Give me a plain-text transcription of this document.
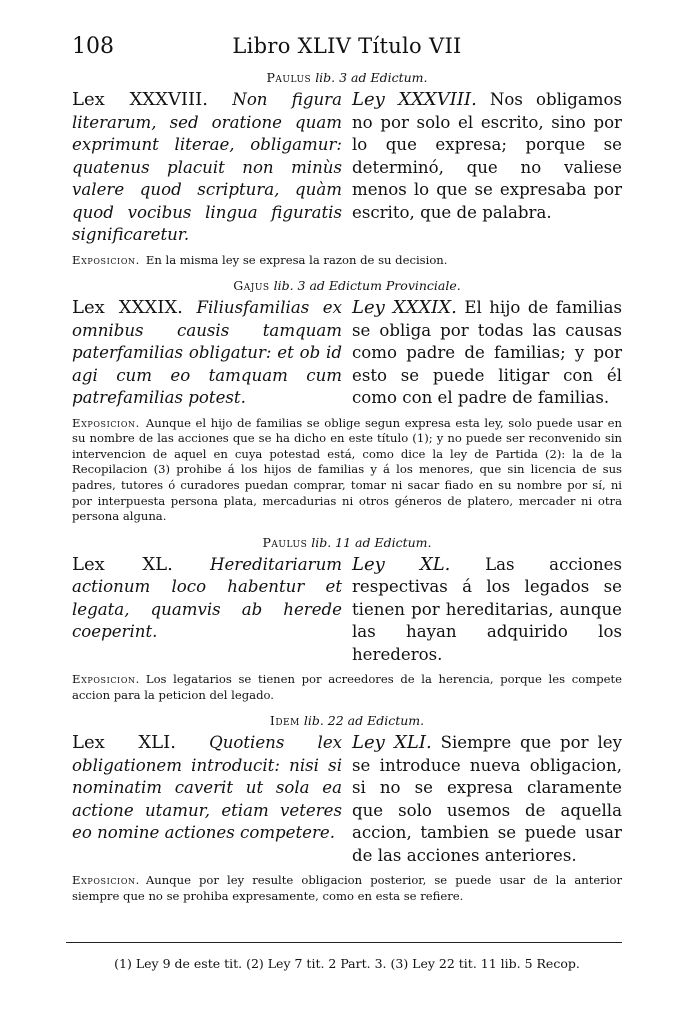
108	Libro XLIV Título VII
Paulus lib. 3 ad Edictum.
Lex XXXVIII. Non figura literarum, sed oratione quam exprimunt literae, obligamur: quatenus placuit non minùs valere quod scriptura, quàm quod vocibus lingua figuratis significaretur.
Ley XXXVIII. Nos obligamos no por solo el escrito, sino por lo que expresa; porque se determinó, que no valiese menos lo que se expresaba por escrito, que de palabra.
Exposicion. En la misma ley se expresa la razon de su decision.
Gajus lib. 3 ad Edictum Provinciale.
Lex XXXIX. Filiusfamilias ex omnibus causis tamquam paterfamilias obligatur: et ob id agi cum eo tamquam cum patrefamilias potest.
Ley XXXIX. El hijo de familias se obliga por todas las causas como padre de familias; y por esto se puede litigar con él como con el padre de familias.
Exposicion. Aunque el hijo de familias se oblige segun expresa esta ley, solo puede usar en su nombre de las acciones que se ha dicho en este título (1); y no puede ser reconvenido sin intervencion de aquel en cuya potestad está, como dice la ley de Partida (2): la de la Recopilacion (3) prohibe á los hijos de familias y á los menores, que sin licencia de sus padres, tutores ó curadores puedan comprar, tomar ni sacar fiado en su nombre por sí, ni por interpuesta persona plata, mercadurias ni otros géneros de platero, mercader ni otra persona alguna.
Paulus lib. 11 ad Edictum.
Lex XL. Hereditariarum actionum loco habentur et legata, quamvis ab herede coeperint.
Ley XL. Las acciones respectivas á los legados se tienen por hereditarias, aunque las hayan adquirido los herederos.
Exposicion. Los legatarios se tienen por acreedores de la herencia, porque les compete accion para la peticion del legado.
Idem lib. 22 ad Edictum.
Lex XLI. Quotiens lex obligationem introducit: nisi si nominatim caverit ut sola ea actione utamur, etiam veteres eo nomine actiones competere.
Ley XLI. Siempre que por ley se introduce nueva obligacion, si no se expresa claramente que solo usemos de aquella accion, tambien se puede usar de las acciones anteriores.
Exposicion. Aunque por ley resulte obligacion posterior, se puede usar de la anterior siempre que no se prohiba expresamente, como en esta se refiere.
(1) Ley 9 de este tit. (2) Ley 7 tit. 2 Part. 3. (3) Ley 22 tit. 11 lib. 5 Recop.
